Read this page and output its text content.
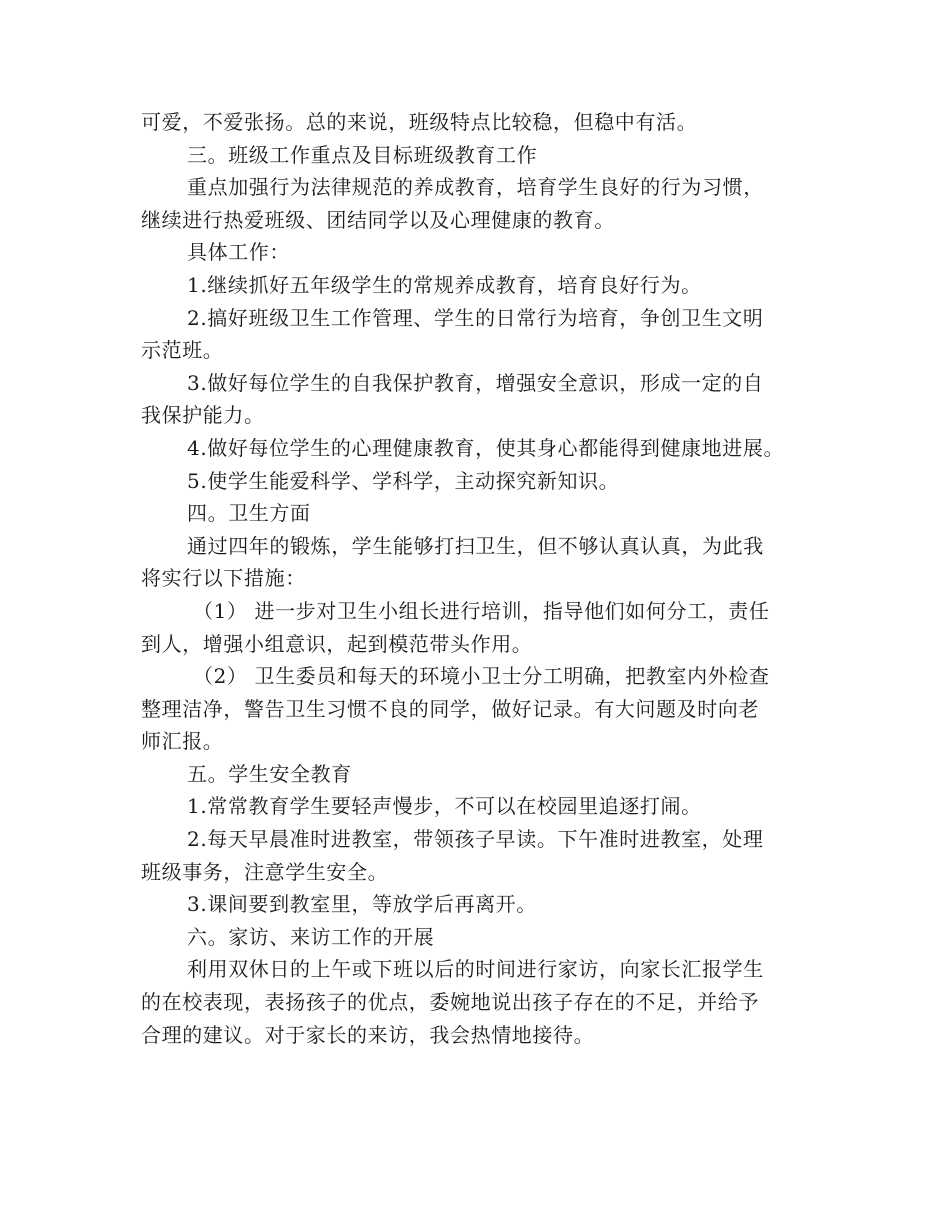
可爱，不爱张扬。总的来说，班级特点比较稳，但稳中有活。
三。班级工作重点及目标班级教育工作
重点加强行为法律规范的养成教育，培育学生良好的行为习惯，
继续进行热爱班级、团结同学以及心理健康的教育。
具体工作：
1.继续抓好五年级学生的常规养成教育，培育良好行为。
2.搞好班级卫生工作管理、学生的日常行为培育，争创卫生文明
示范班。
3.做好每位学生的自我保护教育，增强安全意识，形成一定的自
我保护能力。
4.做好每位学生的心理健康教育，使其身心都能得到健康地进展。
5.使学生能爱科学、学科学，主动探究新知识。
四。卫生方面
通过四年的锻炼，学生能够打扫卫生，但不够认真认真，为此我
将实行以下措施：
（1） 进一步对卫生小组长进行培训，指导他们如何分工，责任
到人，增强小组意识，起到模范带头作用。
（2） 卫生委员和每天的环境小卫士分工明确，把教室内外检查
整理洁净，警告卫生习惯不良的同学，做好记录。有大问题及时向老
师汇报。
五。学生安全教育
1.常常教育学生要轻声慢步，不可以在校园里追逐打闹。
2.每天早晨准时进教室，带领孩子早读。下午准时进教室，处理
班级事务，注意学生安全。
3.课间要到教室里，等放学后再离开。
六。家访、来访工作的开展
利用双休日的上午或下班以后的时间进行家访，向家长汇报学生
的在校表现，表扬孩子的优点，委婉地说出孩子存在的不足，并给予
合理的建议。对于家长的来访，我会热情地接待。
